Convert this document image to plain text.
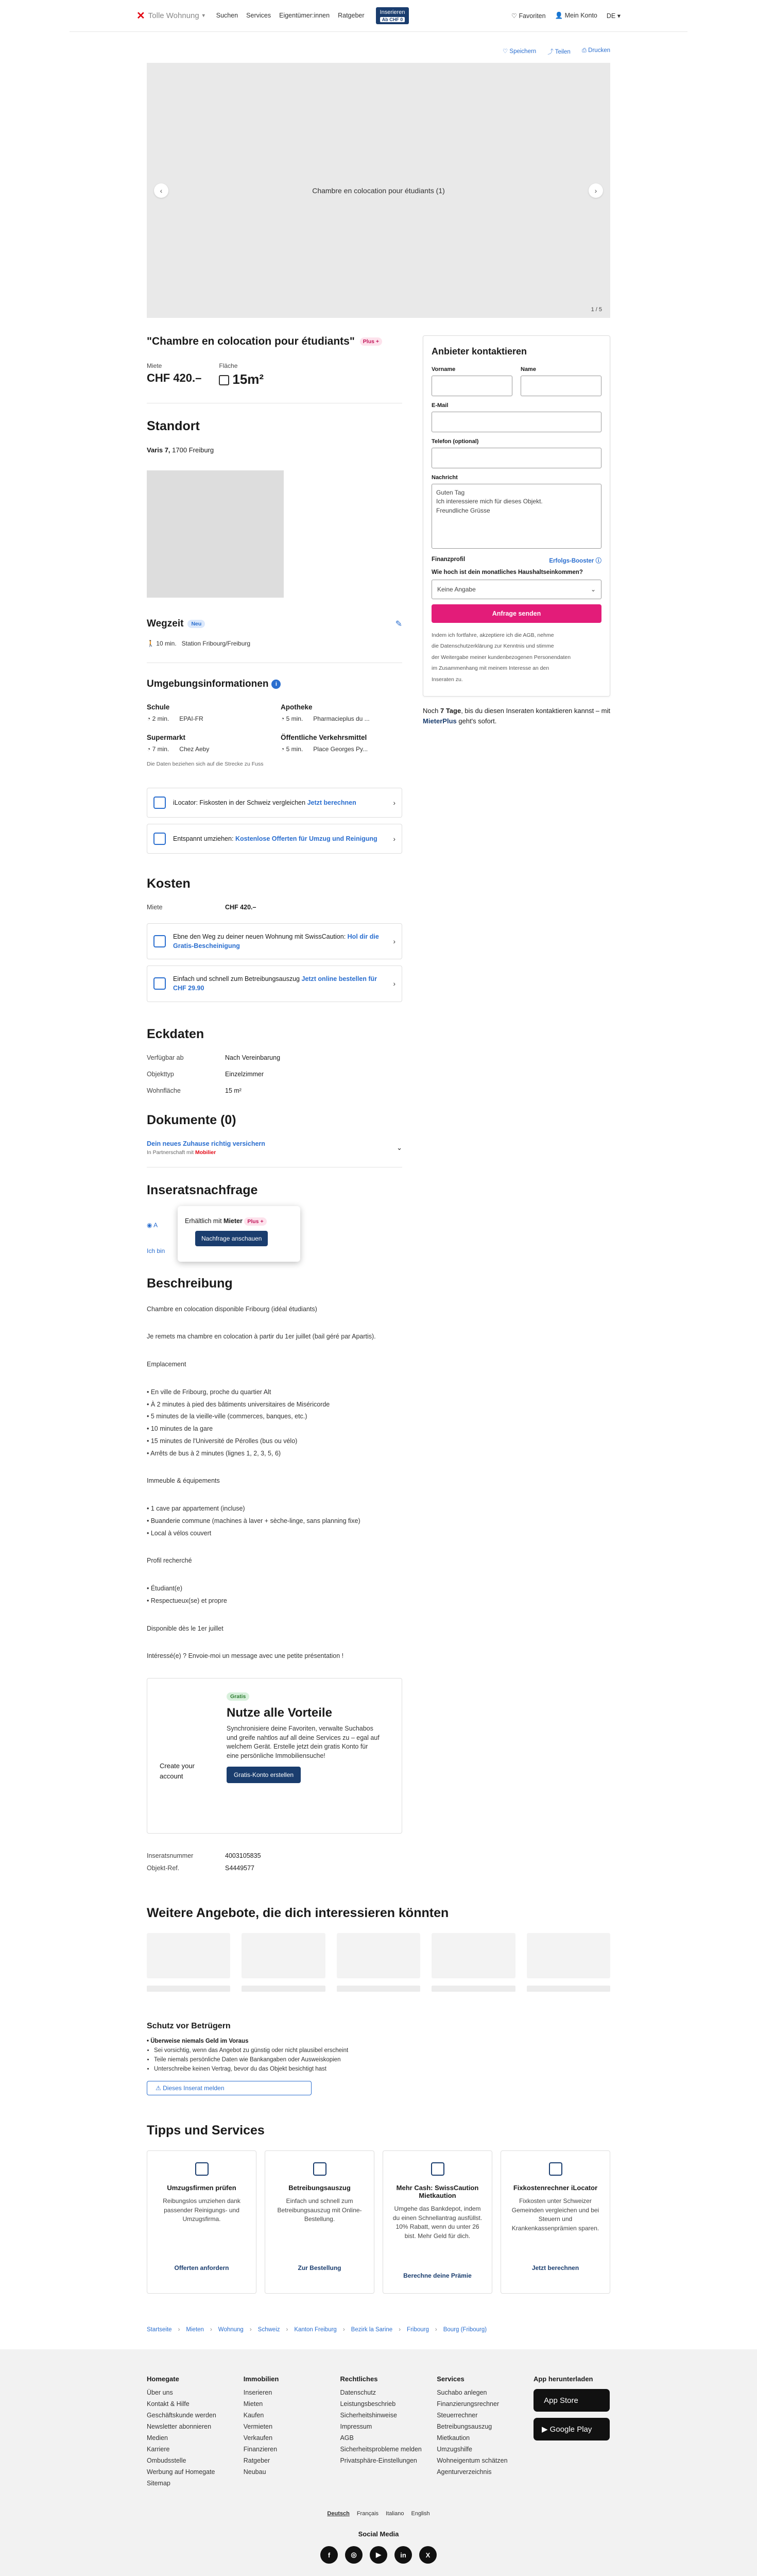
✕ Tolle Wohnung ▾ Suchen Services Eigentümer:innen Ratgeber	Inserieren
Ab CHF 0	♡ Favoriten 👤 Mein Konto DE ▾
♡ Speichern ⤴ Teilen ⎙ Drucken
Chambre en colocation pour étudiants (1)
‹	›
1 / 5
"Chambre en colocation pour étudiants"	Plus +
Miete
CHF 420.–
Fläche
15m²
Standort
Varis 7, 1700 Freiburg
Wegzeit	Neu	✎
🚶 10 min. Station Fribourg/Freiburg
Umgebungsinformationen	i
Schule
◔ 2 min. EPAI-FR
Apotheke
◔ 5 min. Pharmacieplus du ...
Supermarkt
◔ 7 min. Chez Aeby
Öffentliche Verkehrsmittel
◔ 5 min. Place Georges Py...
Die Daten beziehen sich auf die Strecke zu Fuss
iLocator: Fiskosten in der Schweiz vergleichen Jetzt berechnen	›
Entspannt umziehen: Kostenlose Offerten für Umzug und Reinigung	›
Kosten
Miete	CHF 420.–
Ebne den Weg zu deiner neuen Wohnung mit SwissCaution: Hol dir die Gratis-Bescheinigung
›
Einfach und schnell zum Betreibungsauszug Jetzt online bestellen für CHF 29.90
›
Eckdaten
Verfügbar ab	Nach Vereinbarung
Objekttyp	Einzelzimmer
Wohnfläche	15 m²
Dokumente (0)
Dein neues Zuhause richtig versichern
In Partnerschaft mit Mobilier
⌄
Inseratsnachfrage
◉ A
Ich bin
Erhältlich mit Mieter Plus +
Nachfrage anschauen
Beschreibung

Chambre en colocation disponible Fribourg (idéal étudiants)

Je remets ma chambre en colocation à partir du 1er juillet (bail géré par Apartis).

Emplacement

• En ville de Fribourg, proche du quartier Alt
• À 2 minutes à pied des bâtiments universitaires de Miséricorde
• 5 minutes de la vieille-ville (commerces, banques, etc.)
• 10 minutes de la gare
• 15 minutes de l'Université de Pérolles (bus ou vélo)
• Arrêts de bus à 2 minutes (lignes 1, 2, 3, 5, 6)

Immeuble & équipements

• 1 cave par appartement (incluse)
• Buanderie commune (machines à laver + sèche-linge, sans planning fixe)
• Local à vélos couvert

Profil recherché

• Étudiant(e)
• Respectueux(se) et propre

Disponible dès le 1er juillet

Intéressé(e) ? Envoie-moi un message avec une petite présentation !

Create your account
Gratis
Nutze alle Vorteile
Synchronisiere deine Favoriten, verwalte Suchabos und greife nahtlos auf all deine Services zu – egal auf welchem Gerät. Erstelle jetzt dein gratis Konto für eine persönliche Immobiliensuche!
Gratis-Konto erstellen
Inseratsnummer	4003105835
Objekt-Ref.	S4449577
Anbieter kontaktieren
Vorname	Name
E-Mail
Telefon (optional)
Nachricht
Guten Tag Ich interessiere mich für dieses Objekt. Freundliche Grüsse
Finanzprofil	Erfolgs-Booster ⓘ
Wie hoch ist dein monatliches Haushaltseinkommen?
Keine Angabe	⌄
Anfrage senden
Indem ich fortfahre, akzeptiere ich die AGB, nehme
die Datenschutzerklärung zur Kenntnis und stimme
der Weitergabe meiner kundenbezogenen Personendaten
im Zusammenhang mit meinem Interesse an den
Inseraten zu.
Noch 7 Tage, bis du diesen Inseraten kontaktieren kannst – mit MieterPlus geht's sofort.
Weitere Angebote, die dich interessieren könnten
Schutz vor Betrügern
• Überweise niemals Geld im Voraus
• Sei vorsichtig, wenn das Angebot zu günstig oder nicht plausibel erscheint
• Teile niemals persönliche Daten wie Bankangaben oder Ausweiskopien
• Unterschreibe keinen Vertrag, bevor du das Objekt besichtigt hast
⚠ Dieses Inserat melden
Tipps und Services
Umzugsfirmen prüfen
Reibungslos umziehen dank passender Reinigungs- und Umzugsfirma.
Offerten anfordern
Betreibungsauszug
Einfach und schnell zum Betreibungsauszug mit Online-Bestellung.
Zur Bestellung
Mehr Cash: SwissCaution Mietkaution
Umgehe das Bankdepot, indem du einen Schnellantrag ausfüllst. 10% Rabatt, wenn du unter 26 bist. Mehr Geld für dich.
Berechne deine Prämie
Fixkostenrechner iLocator
Fixkosten unter Schweizer Gemeinden vergleichen und bei Steuern und Krankenkassenprämien sparen.
Jetzt berechnen
Startseite › Mieten › Wohnung › Schweiz › Kanton Freiburg › Bezirk la Sarine › Fribourg › Bourg (Fribourg)
Homegate
Über uns
Kontakt & Hilfe
Geschäftskunde werden
Newsletter abonnieren
Medien
Karriere
Ombudsstelle
Werbung auf Homegate
Sitemap
Immobilien
Inserieren
Mieten
Kaufen
Vermieten
Verkaufen
Finanzieren
Ratgeber
Neubau
Rechtliches
Datenschutz
Leistungsbeschrieb
Sicherheitshinweise
Impressum
AGB
Sicherheitsprobleme melden
Privatsphäre-Einstellungen
Services
Suchabo anlegen
Finanzierungsrechner
Steuerrechner
Betreibungsauszug
Mietkaution
Umzugshilfe
Wohneigentum schätzen
Agenturverzeichnis
App herunterladen

App Store
▶
Google Play
Deutsch Français Italiano English
Social Media
f	◎	▶	in	X
